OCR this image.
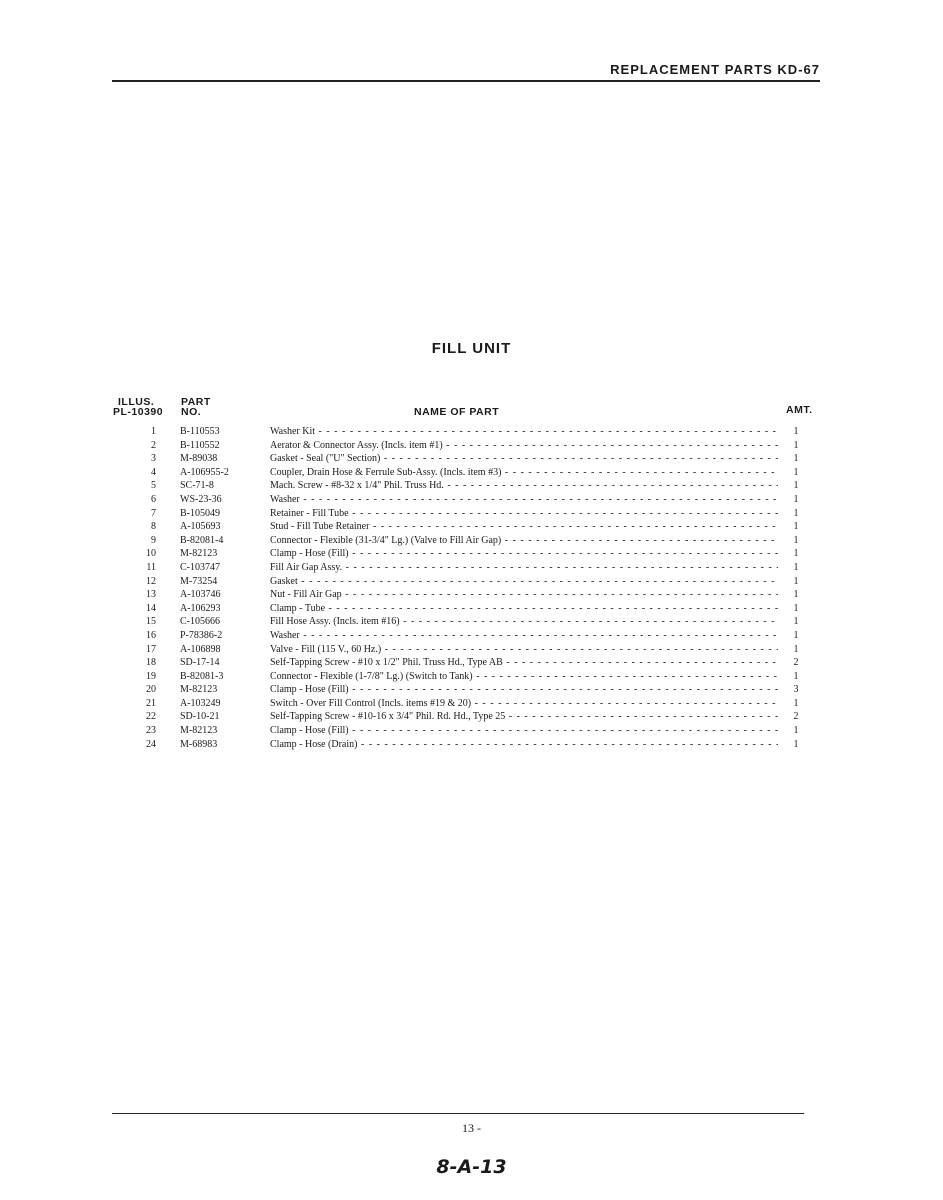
REPLACEMENT PARTS KD-67
FILL UNIT
ILLUS.	PART
PL-10390 NO.	NAME OF PART	AMT.
1 B-110553	Washer Kit - - -	1
2 B-110552	Aerator & Connector Assy. (Incls. item #1) - - -	1
3 M-89038	Gasket - Seal ("U" Section) - - -	1
4 A-106955-2	Coupler, Drain Hose & Ferrule Sub-Assy. (Incls. item #3) - - -	1
5 SC-71-8	Mach. Screw - #8-32 x 1/4" Phil. Truss Hd. - - -	1
6 WS-23-36	Washer - - -	1
7 B-105049	Retainer - Fill Tube - - -	1
8 A-105693	Stud - Fill Tube Retainer - - -	1
9 B-82081-4	Connector - Flexible (31-3/4" Lg.) (Valve to Fill Air Gap) - - -	1
10 M-82123	Clamp - Hose (Fill) - - -	1
11 C-103747	Fill Air Gap Assy. - - -	1
12 M-73254	Gasket - - -	1
13 A-103746	Nut - Fill Air Gap - - -	1
14 A-106293	Clamp - Tube - - -	1
15 C-105666	Fill Hose Assy. (Incls. item #16) - - -	1
16 P-78386-2	Washer - - -	1
17 A-106898	Valve - Fill (115 V., 60 Hz.) - - -	1
18 SD-17-14	Self-Tapping Screw - #10 x 1/2" Phil. Truss Hd., Type AB - - -	2
19 B-82081-3	Connector - Flexible (1-7/8" Lg.) (Switch to Tank) - - -	1
20 M-82123	Clamp - Hose (Fill) - - -	3
21 A-103249	Switch - Over Fill Control (Incls. items #19 & 20) - - -	1
22 SD-10-21	Self-Tapping Screw - #10-16 x 3/4" Phil. Rd. Hd., Type 25 - - -	2
23 M-82123	Clamp - Hose (Fill) - - -	1
24 M-68983	Clamp - Hose (Drain) - - -	1
13 -
8-A-13
